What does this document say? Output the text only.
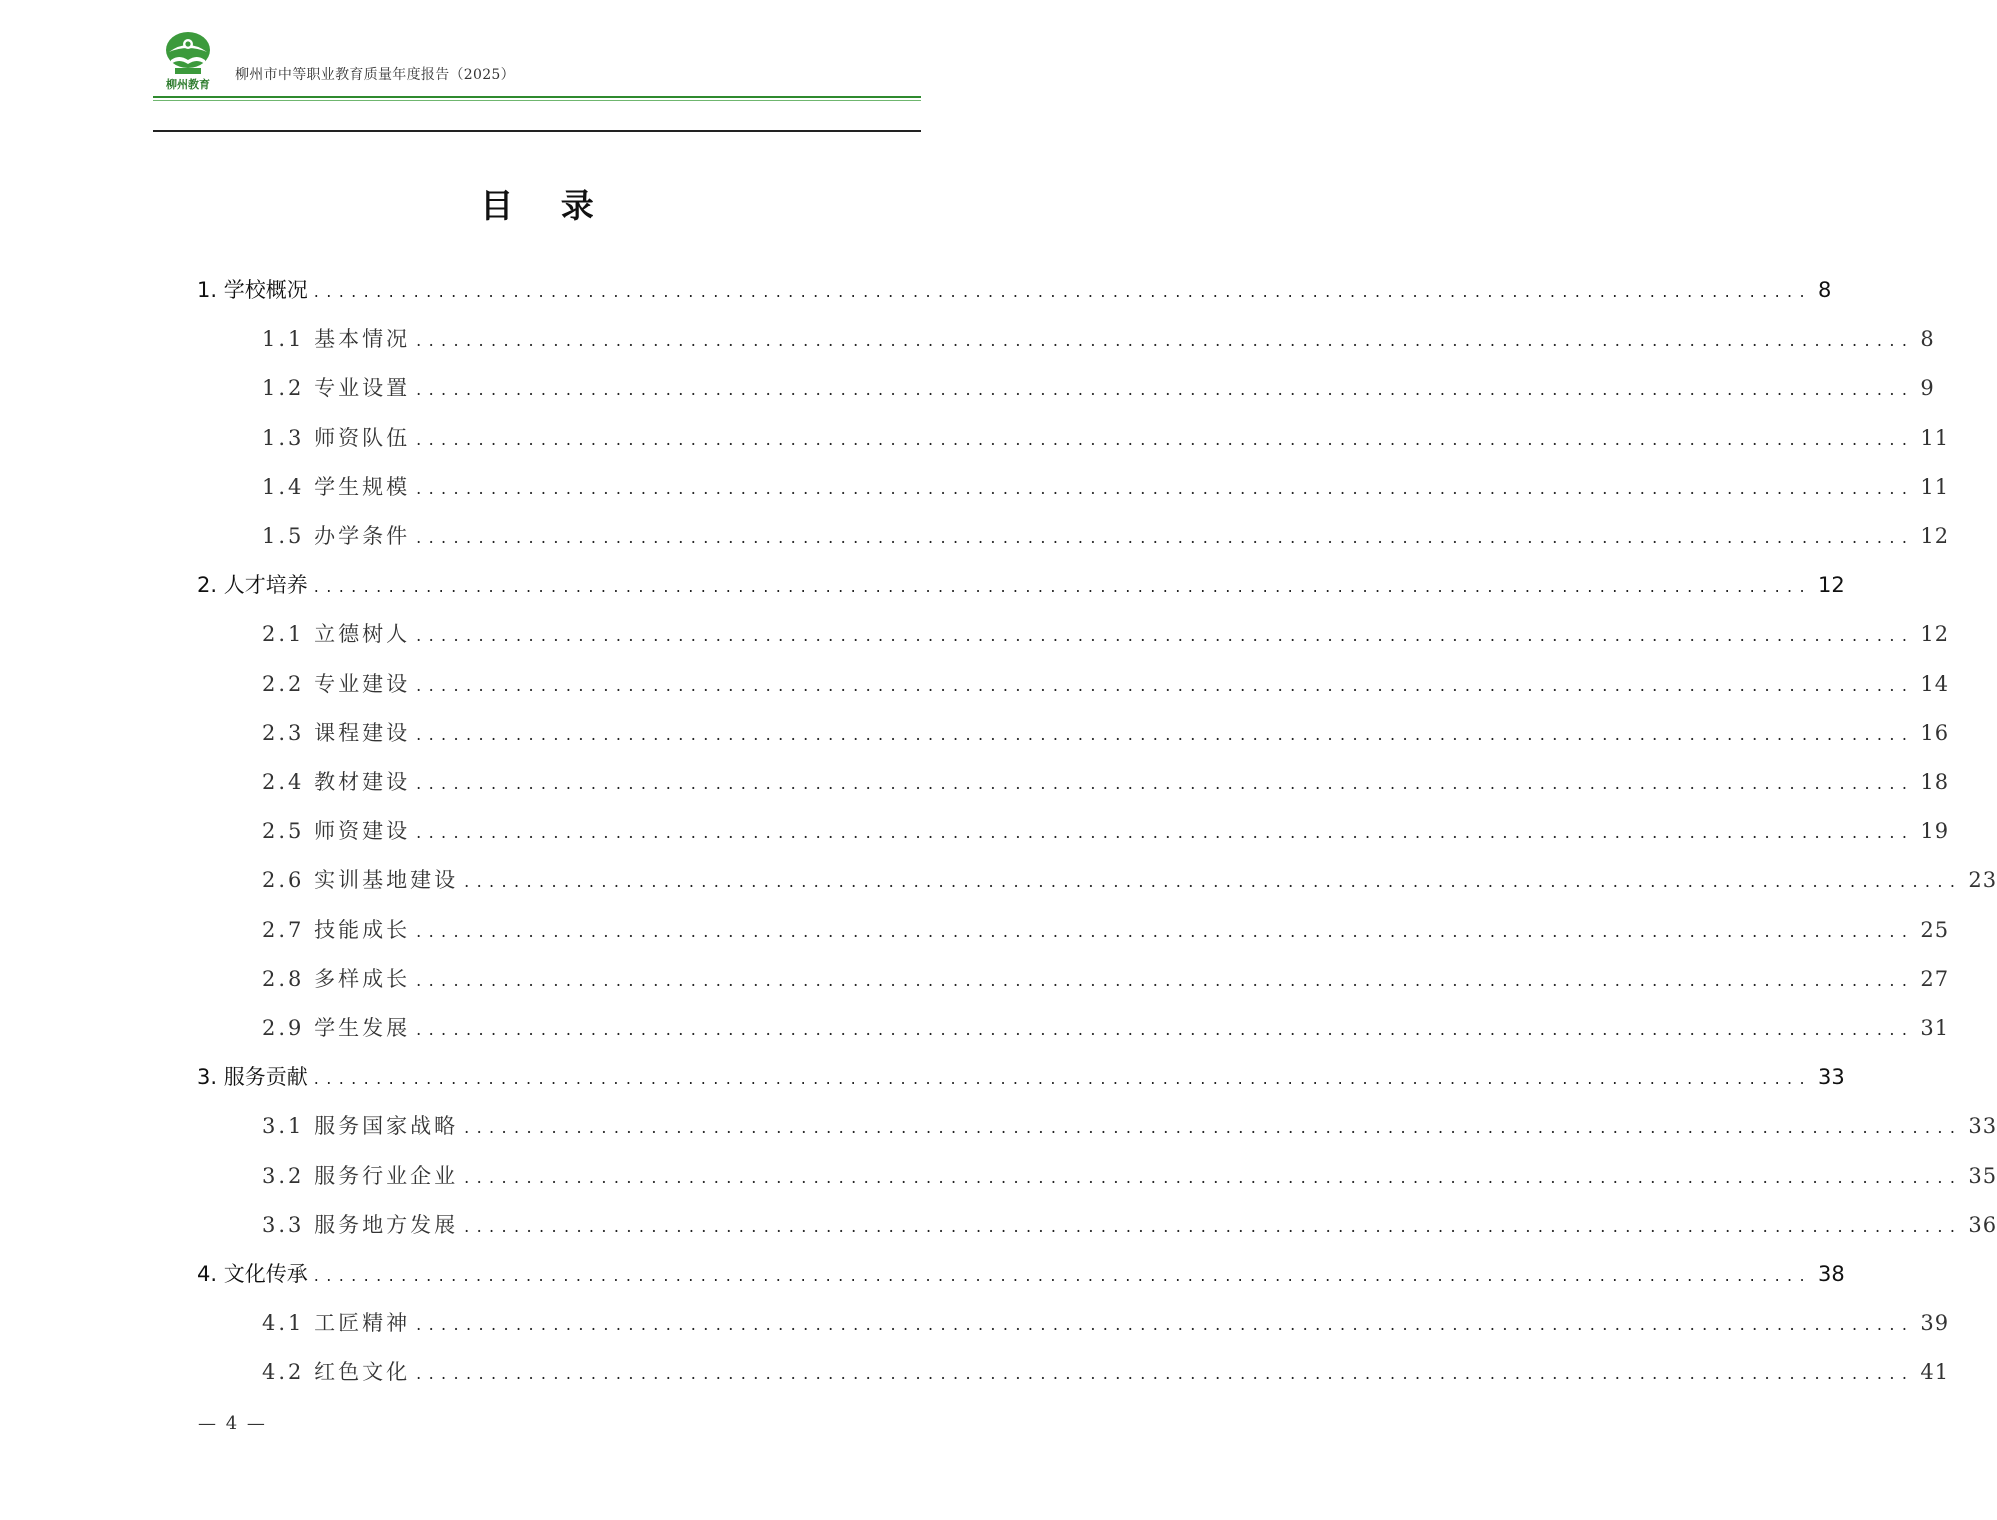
柳州教育
柳州市中等职业教育质量年度报告（2025）
目 录
1. 学校概况 ........................................................................................................................ 8
1.1 基本情况 ........................................................................................................................ 8
1.2 专业设置 ........................................................................................................................ 9
1.3 师资队伍 ........................................................................................................................ 11
1.4 学生规模 ........................................................................................................................ 11
1.5 办学条件 ........................................................................................................................ 12
2. 人才培养 ........................................................................................................................ 12
2.1 立德树人 ........................................................................................................................ 12
2.2 专业建设 ........................................................................................................................ 14
2.3 课程建设 ........................................................................................................................ 16
2.4 教材建设 ........................................................................................................................ 18
2.5 师资建设 ........................................................................................................................ 19
2.6 实训基地建设 ........................................................................................................................ 23
2.7 技能成长 ........................................................................................................................ 25
2.8 多样成长 ........................................................................................................................ 27
2.9 学生发展 ........................................................................................................................ 31
3. 服务贡献 ........................................................................................................................ 33
3.1 服务国家战略 ........................................................................................................................ 33
3.2 服务行业企业 ........................................................................................................................ 35
3.3 服务地方发展 ........................................................................................................................ 36
4. 文化传承 ........................................................................................................................ 38
4.1 工匠精神 ........................................................................................................................ 39
4.2 红色文化 ........................................................................................................................ 41
— 4 —
